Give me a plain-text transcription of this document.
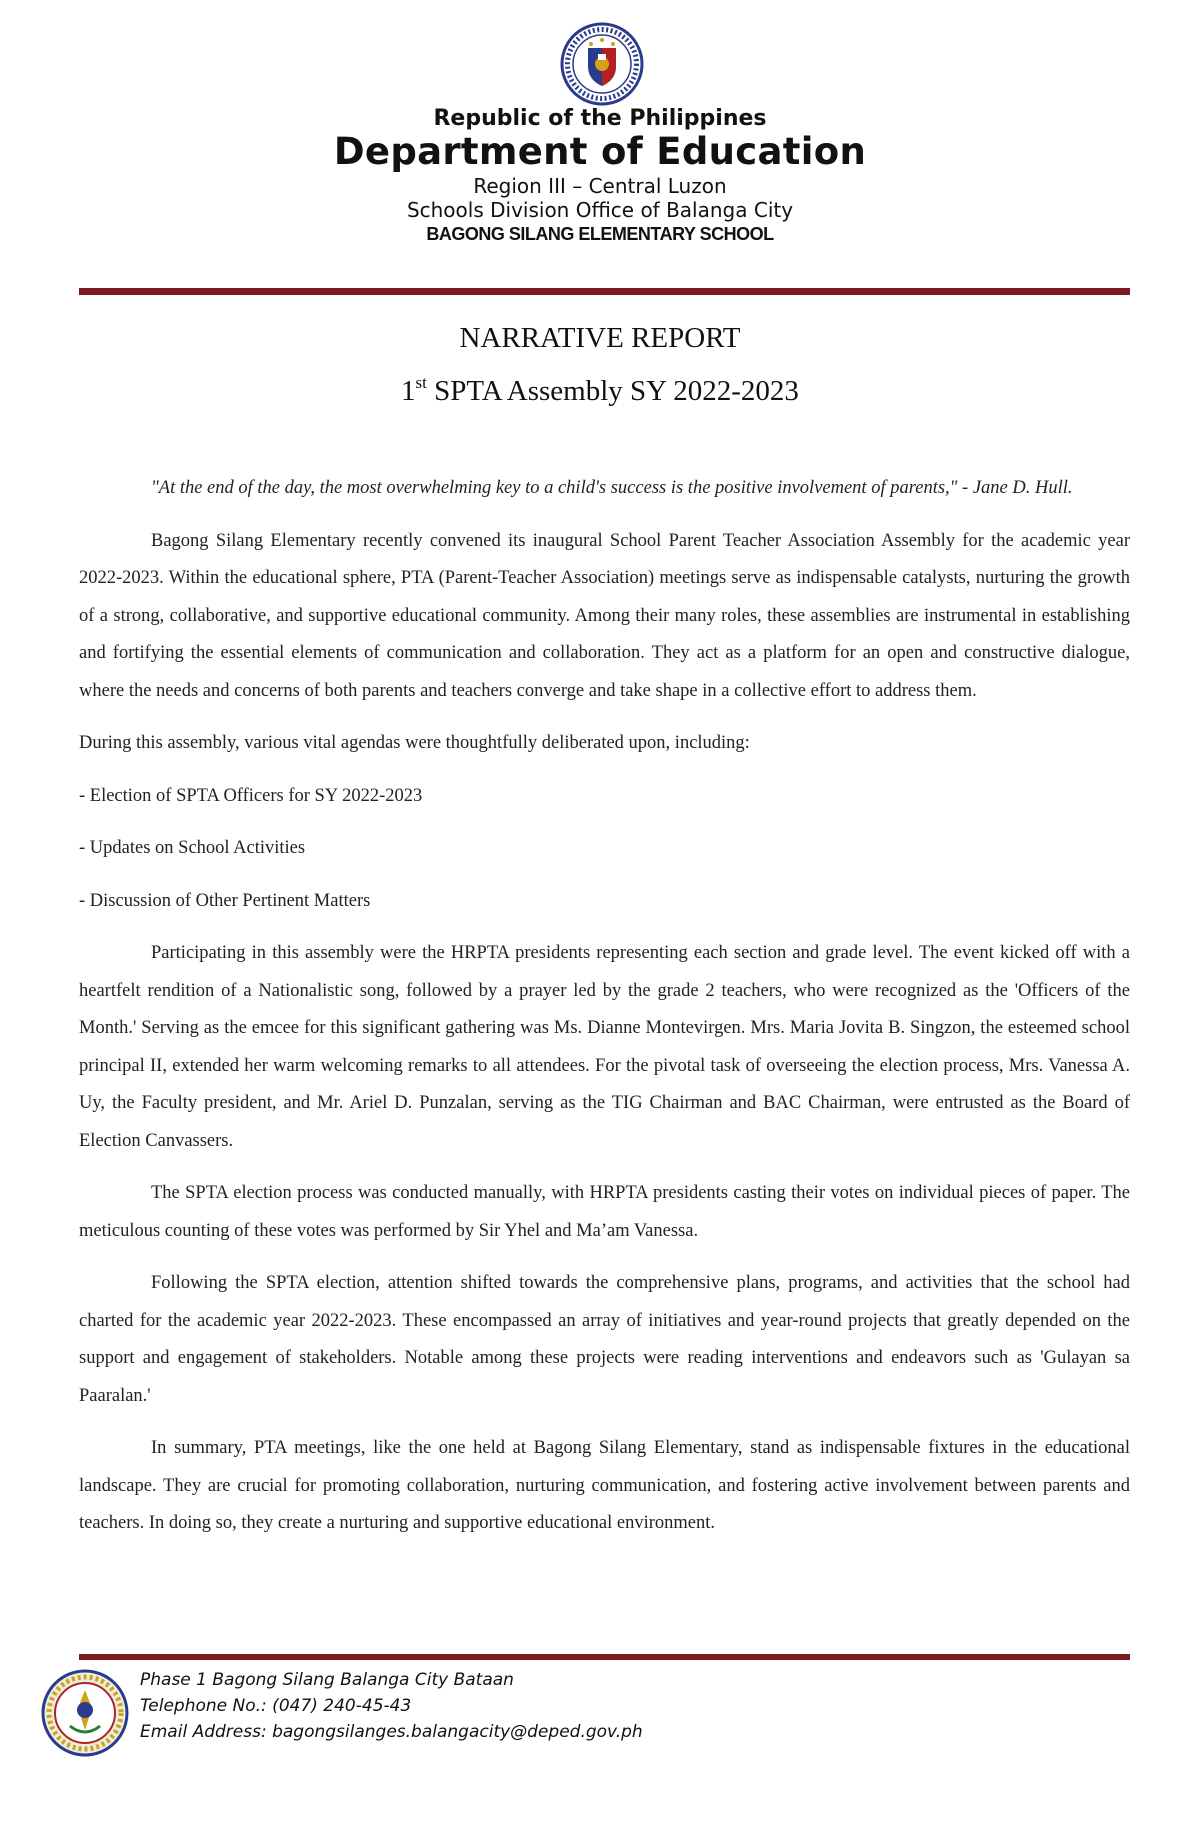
Republic of the Philippines
Department of Education
Region III – Central Luzon
Schools Division Office of Balanga City
BAGONG SILANG ELEMENTARY SCHOOL
NARRATIVE REPORT
1st SPTA Assembly SY 2022-2023

"At the end of the day, the most overwhelming key to a child's success is the positive involvement of parents," - Jane D. Hull.

Bagong Silang Elementary recently convened its inaugural School Parent Teacher Association Assembly for the academic year 2022-2023. Within the educational sphere, PTA (Parent-Teacher Association) meetings serve as indispensable catalysts, nurturing the growth of a strong, collaborative, and supportive educational community. Among their many roles, these assemblies are instrumental in establishing and fortifying the essential elements of communication and collaboration. They act as a platform for an open and constructive dialogue, where the needs and concerns of both parents and teachers converge and take shape in a collective effort to address them.

During this assembly, various vital agendas were thoughtfully deliberated upon, including:

- Election of SPTA Officers for SY 2022-2023

- Updates on School Activities

- Discussion of Other Pertinent Matters

Participating in this assembly were the HRPTA presidents representing each section and grade level. The event kicked off with a heartfelt rendition of a Nationalistic song, followed by a prayer led by the grade 2 teachers, who were recognized as the 'Officers of the Month.' Serving as the emcee for this significant gathering was Ms. Dianne Montevirgen. Mrs. Maria Jovita B. Singzon, the esteemed school principal II, extended her warm welcoming remarks to all attendees. For the pivotal task of overseeing the election process, Mrs. Vanessa A. Uy, the Faculty president, and Mr. Ariel D. Punzalan, serving as the TIG Chairman and BAC Chairman, were entrusted as the Board of Election Canvassers.

The SPTA election process was conducted manually, with HRPTA presidents casting their votes on individual pieces of paper. The meticulous counting of these votes was performed by Sir Yhel and Ma’am Vanessa.

Following the SPTA election, attention shifted towards the comprehensive plans, programs, and activities that the school had charted for the academic year 2022-2023. These encompassed an array of initiatives and year-round projects that greatly depended on the support and engagement of stakeholders. Notable among these projects were reading interventions and endeavors such as 'Gulayan sa Paaralan.'

In summary, PTA meetings, like the one held at Bagong Silang Elementary, stand as indispensable fixtures in the educational landscape. They are crucial for promoting collaboration, nurturing communication, and fostering active involvement between parents and teachers. In doing so, they create a nurturing and supportive educational environment.

Phase 1 Bagong Silang Balanga City Bataan
Telephone No.: (047) 240-45-43
Email Address: bagongsilanges.balangacity@deped.gov.ph
